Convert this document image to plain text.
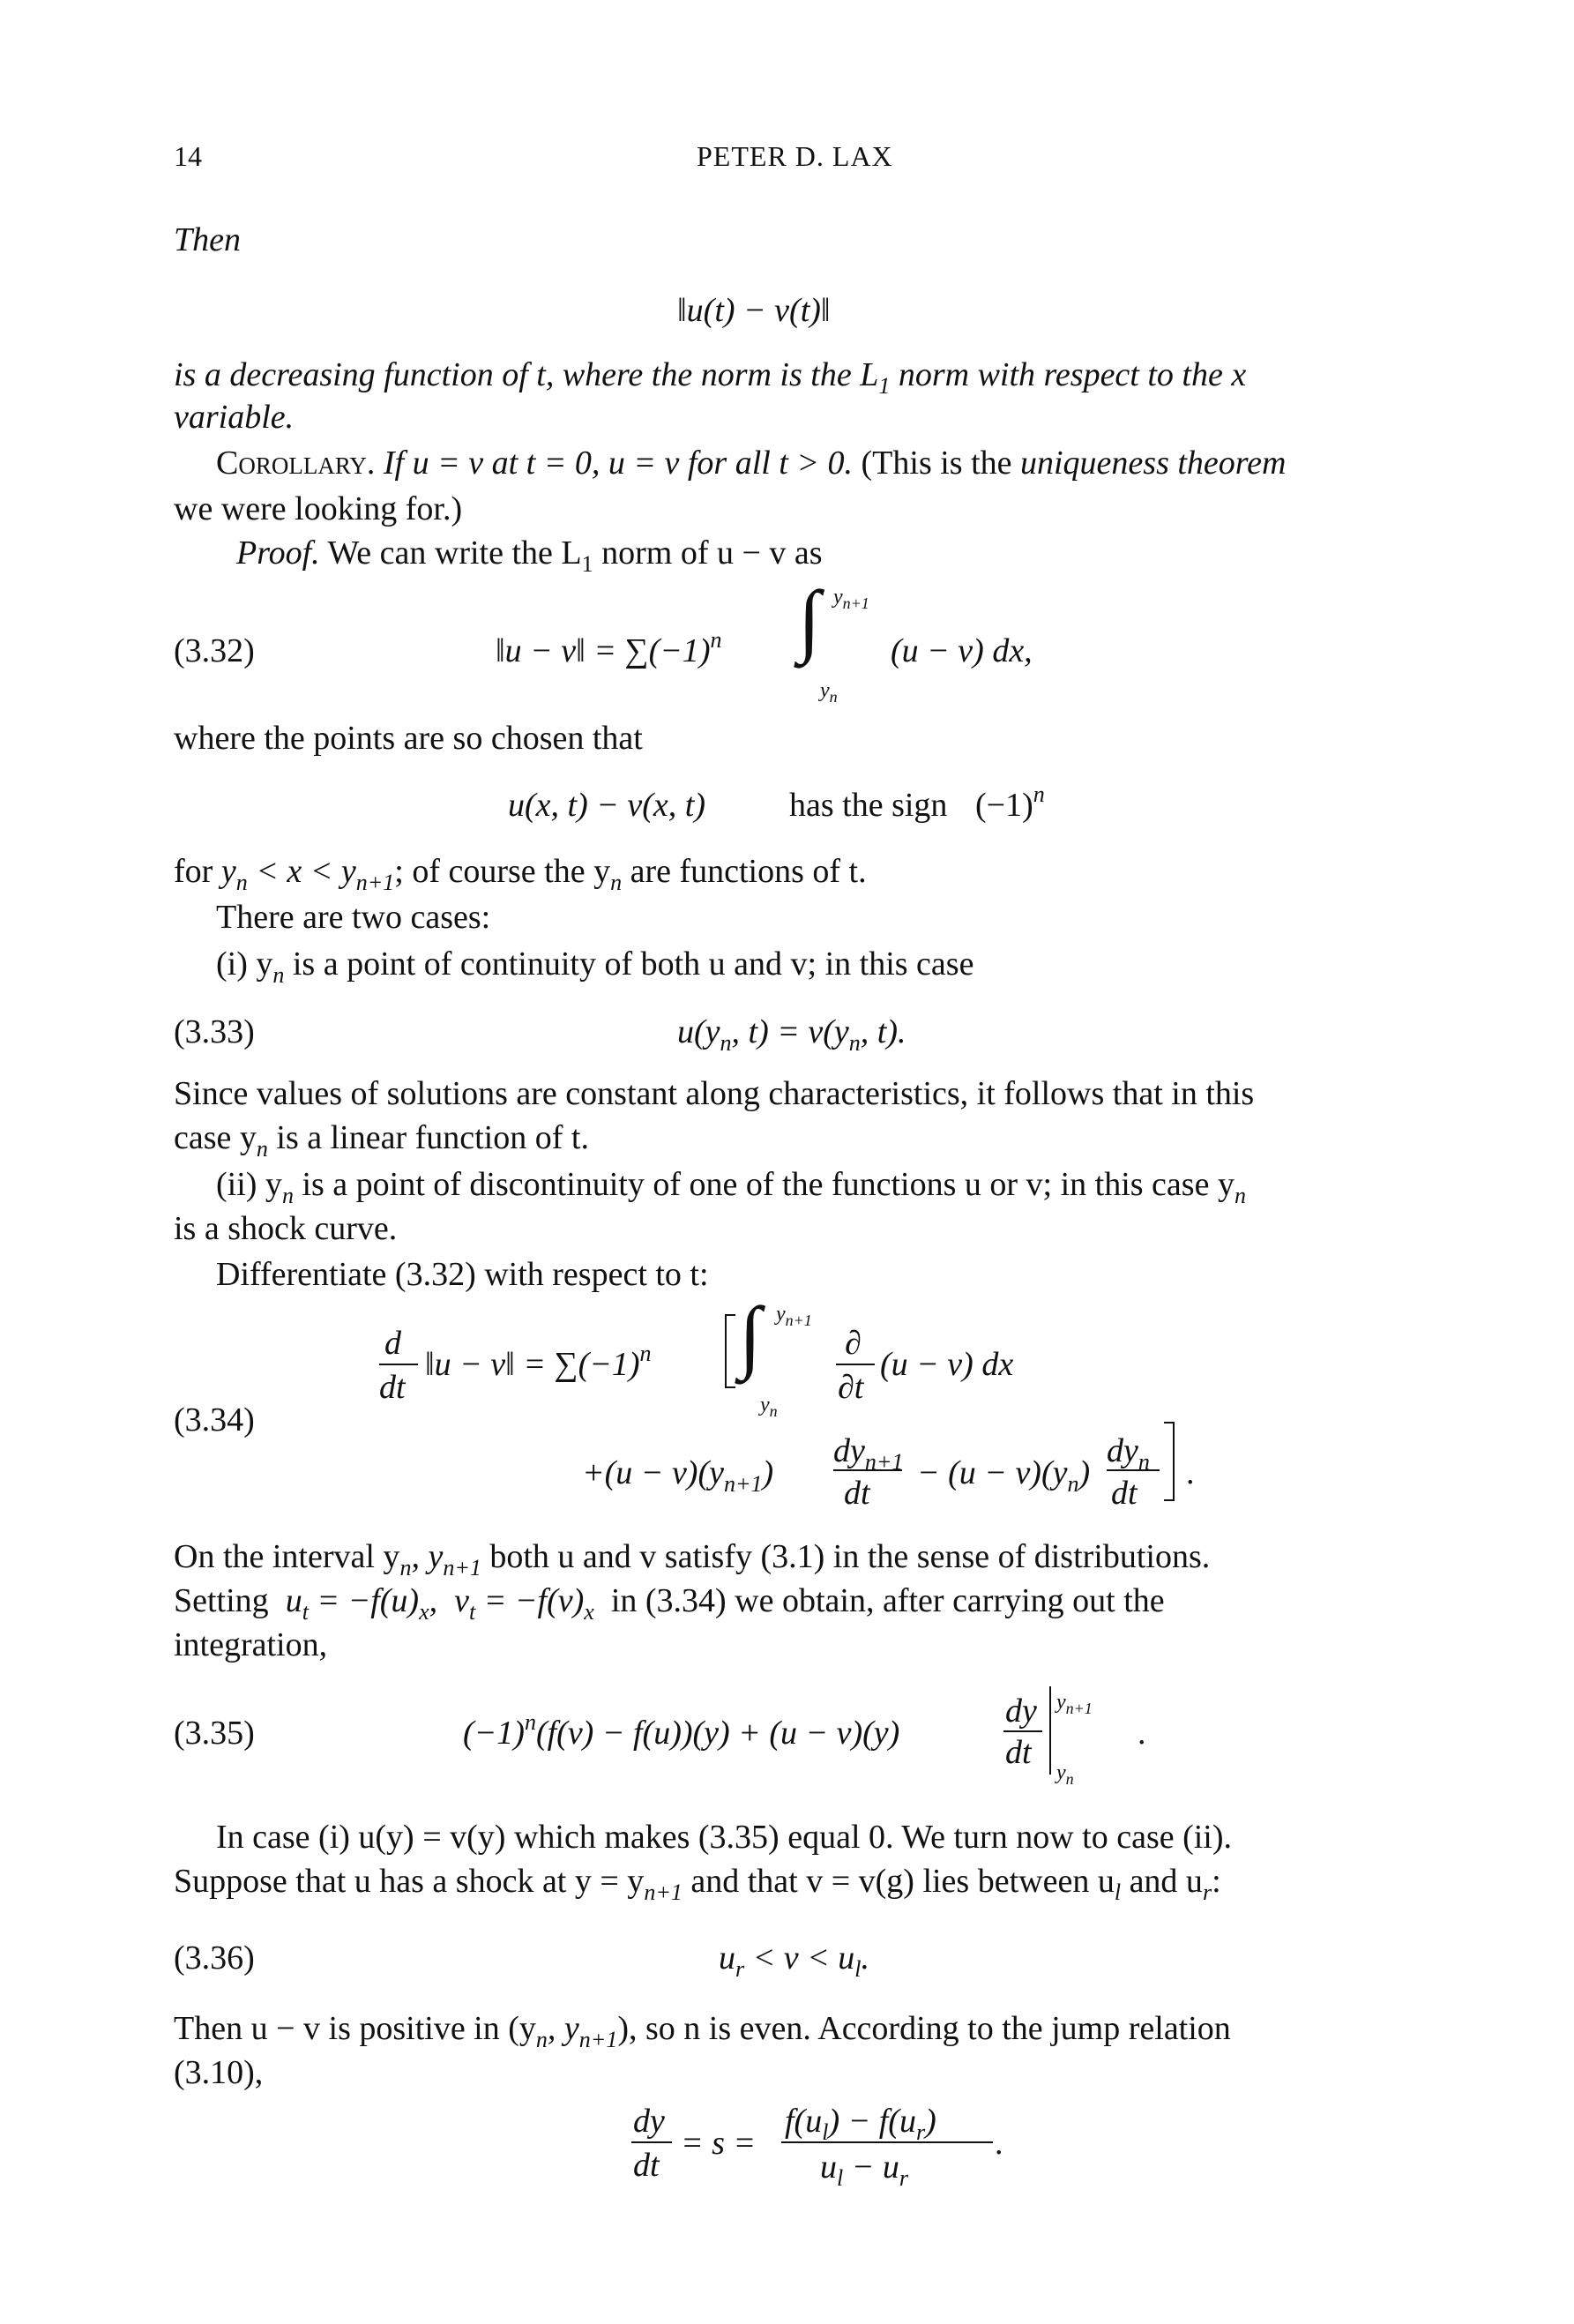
14	PETER D. LAX
Then
‖u(t) − v(t)‖
is a decreasing function of t, where the norm is the $L_1$ norm with respect to the x
variable.
Corollary. If u = v at t = 0, u = v for all t > 0. (This is the uniqueness theorem
we were looking for.)
Proof. We can write the $L_1$ norm of u − v as
(3.32)	‖u − v‖ = $\sum(-1)^n$ ∫ $y_{n+1}$
$y_n$
(u − v) dx,
where the points are so chosen that
u(x, t) − v(x, t)	has the sign $(-1)^n$
for $y_n < x < y_{n+1}$; of course the $y_n$ are functions of t.
There are two cases:
(i) $y_n$ is a point of continuity of both u and v; in this case
(3.33)	$u(y_n$, $t) = v(y_n$, t).
Since values of solutions are constant along characteristics, it follows that in this
case $y_n$ is a linear function of t.
(ii) $y_n$ is a point of discontinuity of one of the functions u or v; in this case $y_n$
is a shock curve.
Differentiate (3.32) with respect to t:
(3.34)
d
dt
‖u − v‖ = $\sum(-1)^n$ ∫ $y_{n+1}$
$y_n$
∂
∂t
(u − v) dx
$+(u - v)(y_{n+1})$
$dy_{n+1}$
dt
− $(u - v)(y_n)$
$dy_n$
dt
.
On the interval $y_n$, $y_{n+1}$ both u and v satisfy (3.1) in the sense of distributions.
Setting $u_t = -f(u)_x$,  $v_t = -f(v)_x$ in (3.34) we obtain, after carrying out the
integration,
(3.35)	$(-1)^n(f(v) - f(u))(y) + (u - v)(y)$
dy
dt
$y_{n+1}$
$y_n$
.
In case (i) u(y) = v(y) which makes (3.35) equal 0. We turn now to case (ii).
Suppose that u has a shock at $y = y_{n+1}$ and that v = v(g) lies between $u_l$ and $u_r$:
(3.36)	$u_r < v < u_l$.
Then u − v is positive in ($y_n$, $y_{n+1}$), so n is even. According to the jump relation
(3.10),
dy
dt
= s =
$f(u_l) - f(u_r)$
$u_l - u_r$
.
